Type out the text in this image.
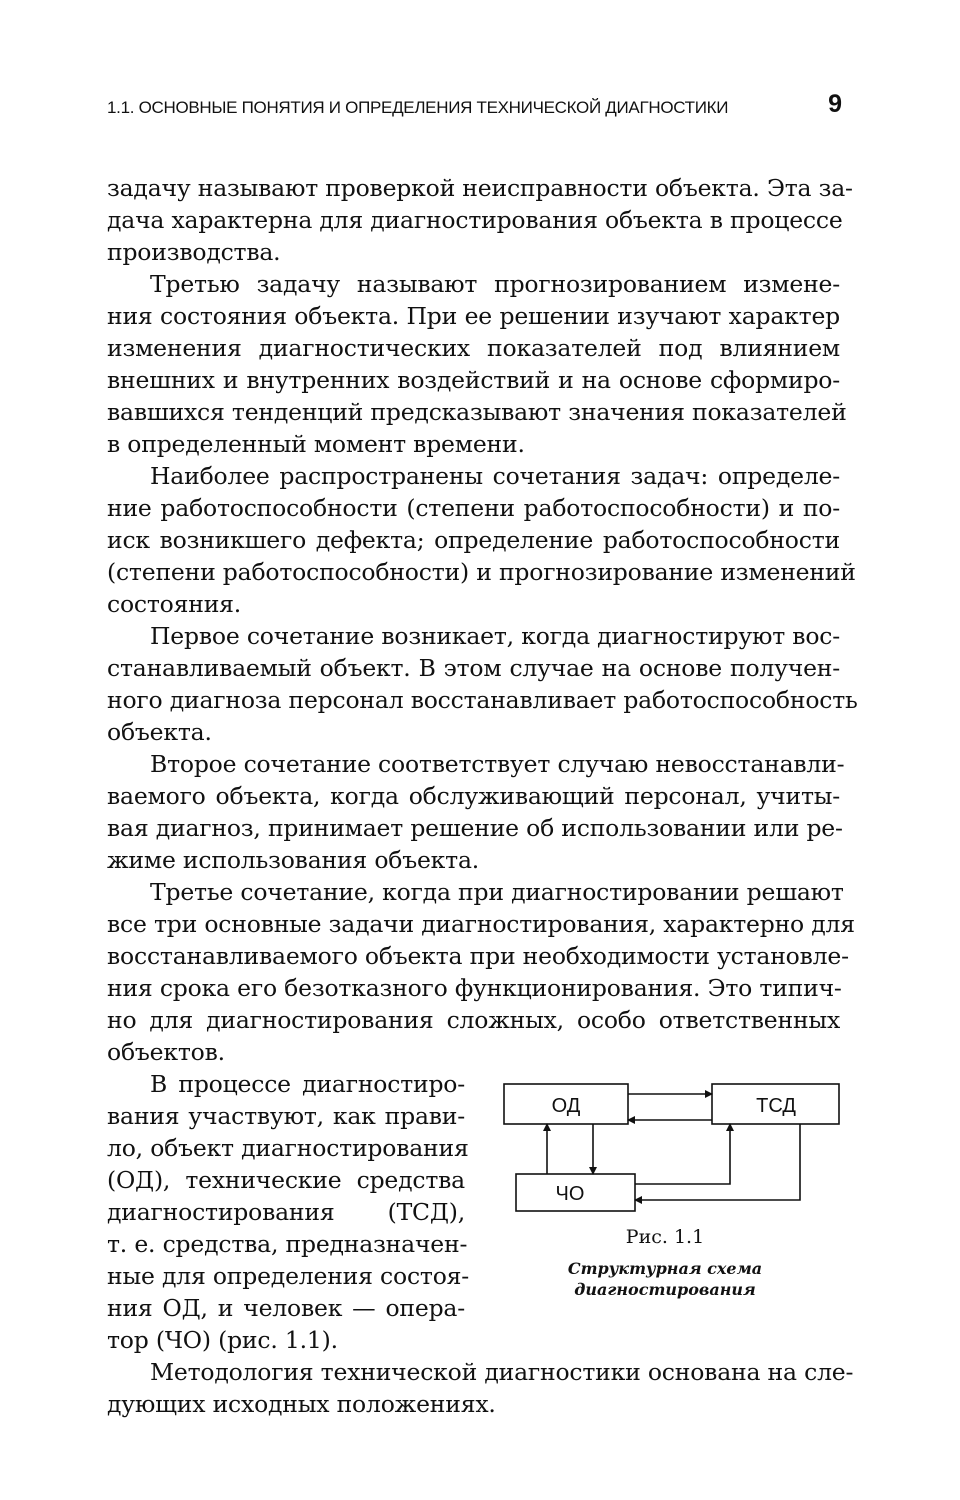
1.1. ОСНОВНЫЕ ПОНЯТИЯ И ОПРЕДЕЛЕНИЯ ТЕХНИЧЕСКОЙ ДИАГНОСТИКИ	9
задачу называют проверкой неисправности объекта. Эта за-
дача характерна для диагностирования объекта в процессе
производства.
Третью задачу называют прогнозированием измене-
ния состояния объекта. При ее решении изучают характер
изменения диагностических показателей под влиянием
внешних и внутренних воздействий и на основе сформиро-
вавшихся тенденций предсказывают значения показателей
в определенный момент времени.
Наиболее распространены сочетания задач: определе-
ние работоспособности (степени работоспособности) и по-
иск возникшего дефекта; определение работоспособности
(степени работоспособности) и прогнозирование изменений
состояния.
Первое сочетание возникает, когда диагностируют вос-
станавливаемый объект. В этом случае на основе получен-
ного диагноза персонал восстанавливает работоспособность
объекта.
Второе сочетание соответствует случаю невосстанавли-
ваемого объекта, когда обслуживающий персонал, учиты-
вая диагноз, принимает решение об использовании или ре-
жиме использования объекта.
Третье сочетание, когда при диагностировании решают
все три основные задачи диагностирования, характерно для
восстанавливаемого объекта при необходимости установле-
ния срока его безотказного функционирования. Это типич-
но для диагностирования сложных, особо ответственных
объектов.
В процессе диагностиро-
вания участвуют, как прави-
ло, объект диагностирования
(ОД), технические средства
диагностирования (ТСД),
т. е. средства, предназначен-
ные для определения состоя-
ния ОД, и человек — опера-
тор (ЧО) (рис. 1.1).
Методология технической диагностики основана на сле-
дующих исходных положениях.
ОД	ТСД
ЧО
Рис. 1.1
Структурная схема
диагностирования
